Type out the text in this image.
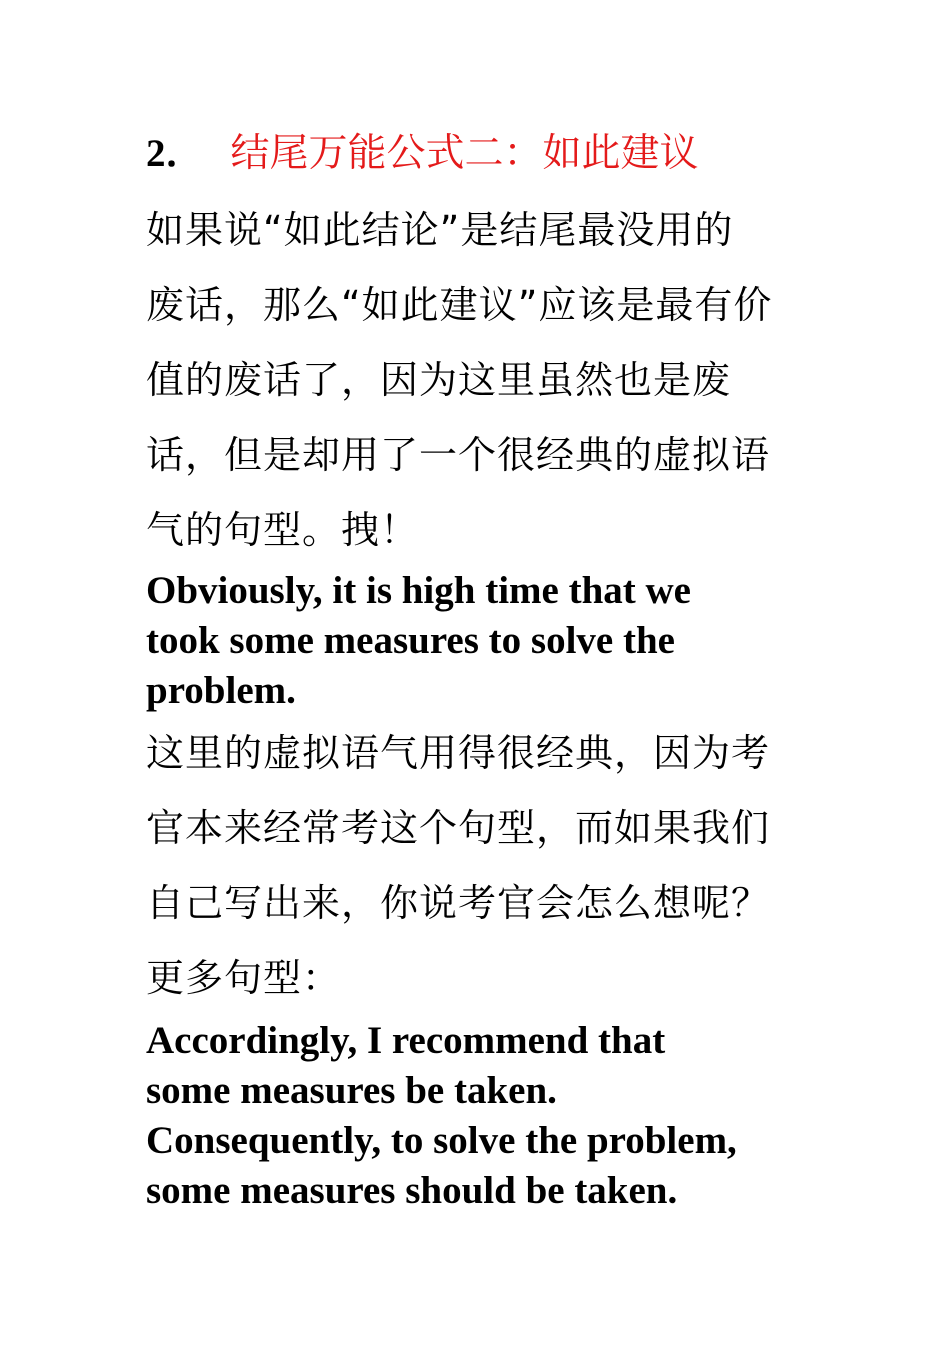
2． 结尾万能公式二：如此建议
如果说“如此结论”是结尾最没用的
废话，那么“如此建议”应该是最有价
值的废话了，因为这里虽然也是废
话，但是却用了一个很经典的虚拟语
气的句型。拽！
Obviously, it is high time that we
took some measures to solve the
problem.
这里的虚拟语气用得很经典，因为考
官本来经常考这个句型，而如果我们
自己写出来，你说考官会怎么想呢？
更多句型：
Accordingly, I recommend that
some measures be taken.
Consequently, to solve the problem,
some measures should be taken.
